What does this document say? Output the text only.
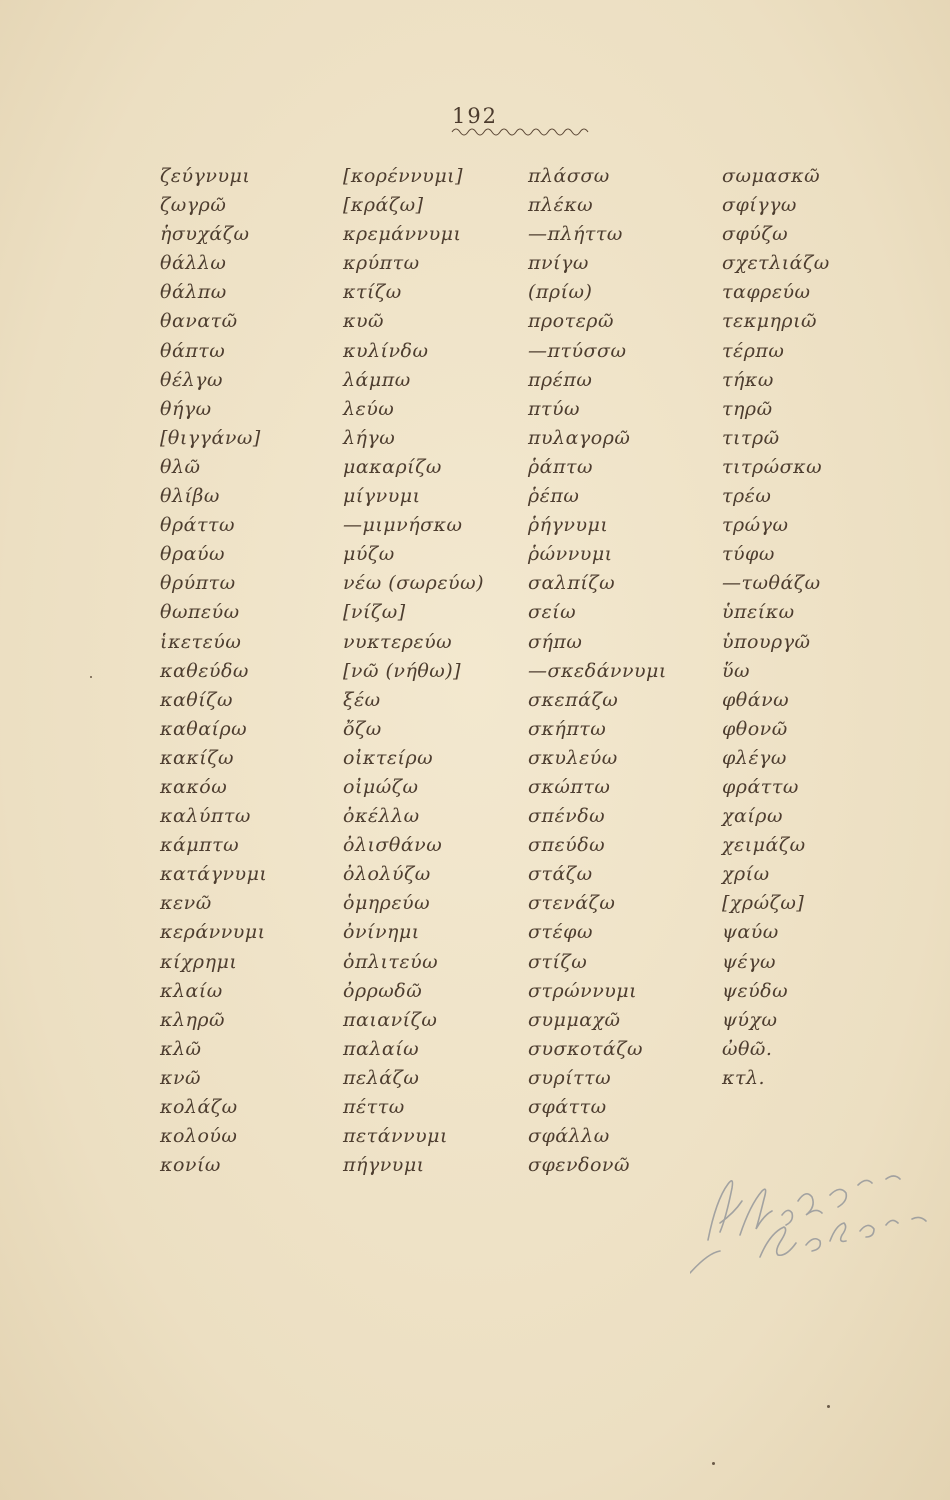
192
ζεύγνυμι
ζωγρῶ
ἡσυχάζω
θάλλω
θάλπω
θανατῶ
θάπτω
θέλγω
θήγω
[θιγγάνω]
θλῶ
θλίβω
θράττω
θραύω
θρύπτω
θωπεύω
ἱκετεύω
καθεύδω
καθίζω
καθαίρω
κακίζω
κακόω
καλύπτω
κάμπτω
κατάγνυμι
κενῶ
κεράννυμι
κίχρημι
κλαίω
κληρῶ
κλῶ
κνῶ
κολάζω
κολούω
κονίω
[κορέννυμι]
[κράζω]
κρεμάννυμι
κρύπτω
κτίζω
κυῶ
κυλίνδω
λάμπω
λεύω
λήγω
μακαρίζω
μίγνυμι
—μιμνήσκω
μύζω
νέω (σωρεύω)
[νίζω]
νυκτερεύω
[νῶ (νήθω)]
ξέω
ὄζω
οἰκτείρω
οἰμώζω
ὀκέλλω
ὀλισθάνω
ὀλολύζω
ὁμηρεύω
ὀνίνημι
ὁπλιτεύω
ὀρρωδῶ
παιανίζω
παλαίω
πελάζω
πέττω
πετάννυμι
πήγνυμι
πλάσσω
πλέκω
—πλήττω
πνίγω
(πρίω)
προτερῶ
—πτύσσω
πρέπω
πτύω
πυλαγορῶ
ῥάπτω
ῥέπω
ῥήγνυμι
ῥώννυμι
σαλπίζω
σείω
σήπω
—σκεδάννυμι
σκεπάζω
σκήπτω
σκυλεύω
σκώπτω
σπένδω
σπεύδω
στάζω
στενάζω
στέφω
στίζω
στρώννυμι
συμμαχῶ
συσκοτάζω
συρίττω
σφάττω
σφάλλω
σφενδονῶ
σωμασκῶ
σφίγγω
σφύζω
σχετλιάζω
ταφρεύω
τεκμηριῶ
τέρπω
τήκω
τηρῶ
τιτρῶ
τιτρώσκω
τρέω
τρώγω
τύφω
—τωθάζω
ὑπείκω
ὑπουργῶ
ὕω
φθάνω
φθονῶ
φλέγω
φράττω
χαίρω
χειμάζω
χρίω
[χρώζω]
ψαύω
ψέγω
ψεύδω
ψύχω
ὠθῶ.
κτλ.
